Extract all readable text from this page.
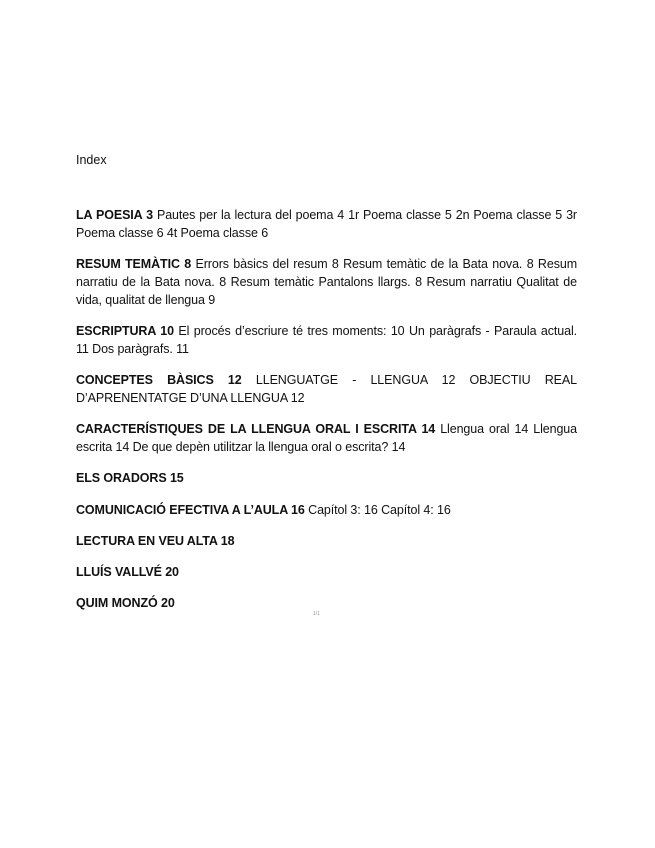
Index
LA POESIA 3 Pautes per la lectura del poema 4 1r Poema classe 5 2n Poema classe 5 3r Poema classe 6 4t Poema classe 6
RESUM TEMÀTIC 8 Errors bàsics del resum 8 Resum temàtic de la Bata nova. 8 Resum narratiu de la Bata nova. 8 Resum temàtic Pantalons llargs. 8 Resum narratiu Qualitat de vida, qualitat de llengua 9
ESCRIPTURA 10 El procés d’escriure té tres moments: 10 Un paràgrafs - Paraula actual. 11 Dos paràgrafs. 11
CONCEPTES BÀSICS 12 LLENGUATGE - LLENGUA 12 OBJECTIU REAL D’APRENENTATGE D’UNA LLENGUA 12
CARACTERÍSTIQUES DE LA LLENGUA ORAL I ESCRITA 14 Llengua oral 14 Llengua escrita 14 De que depèn utilitzar la llengua oral o escrita? 14
ELS ORADORS 15
COMUNICACIÓ EFECTIVA A L’AULA 16 Capítol 3: 16 Capítol 4: 16
LECTURA EN VEU ALTA 18
LLUÍS VALLVÉ 20
QUIM MONZÓ 20
1/1
